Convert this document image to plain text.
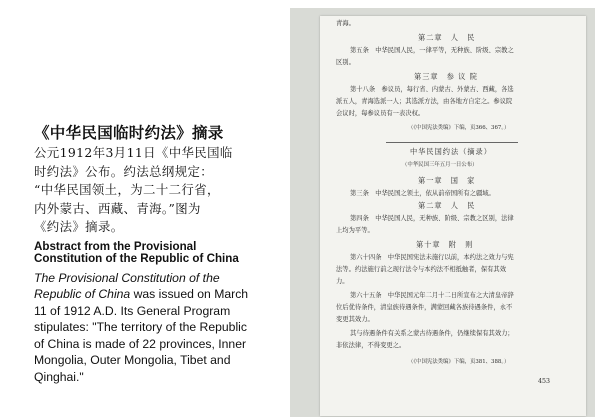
《中华民国临时约法》摘录
公元1912年3月11日《中华民国临
时约法》公布。约法总纲规定：
“中华民国领土，为二十二行省，
内外蒙古、西藏、青海。”图为
《约法》摘录。
Abstract from the Provisional Constitution of the Republic of China
The Provisional Constitution of the Republic of China was issued on March 11 of 1912 A.D. Its General Program stipulates: "The territory of the Republic of China is made of 22 provinces, Inner Mongolia, Outer Mongolia, Tibet and Qinghai."
青海。
第二章　人　民
第五条　中华民国人民，一律平等，无种族、阶级、宗教之
区别。
第三章　参 议 院
第十八条　参议员，每行省、内蒙古、外蒙古、西藏，各选
派五人，青海选派一人；其选派方法，由各地方自定之。参议院
会议时，每参议员有一表决权。
（《中国宪法类编》下编，页366、367。）
中华民国约法（摘录）
（中华民国三年五月一日公布）
第一章　国　家
第三条　中华民国之领土，依从前帝国所有之疆域。
第二章　人　民
第四条　中华民国人民，无种族、阶级、宗教之区别，法律
上均为平等。
第十章　附　则
第六十四条　中华民国宪法未施行以前，本约法之效力与宪
法等。约法施行前之现行法令与本约法不相抵触者，保有其效
力。
第六十五条　中华民国元年二月十二日所宣布之大清皇帝辞
位后优待条件，清皇族待遇条件，满蒙回藏各族待遇条件，永不
变更其效力。
其与待遇条件有关系之蒙古待遇条件，仍继续保有其效力；
非依法律，不得变更之。
（《中国宪法类编》下编，页381、388。）
453
